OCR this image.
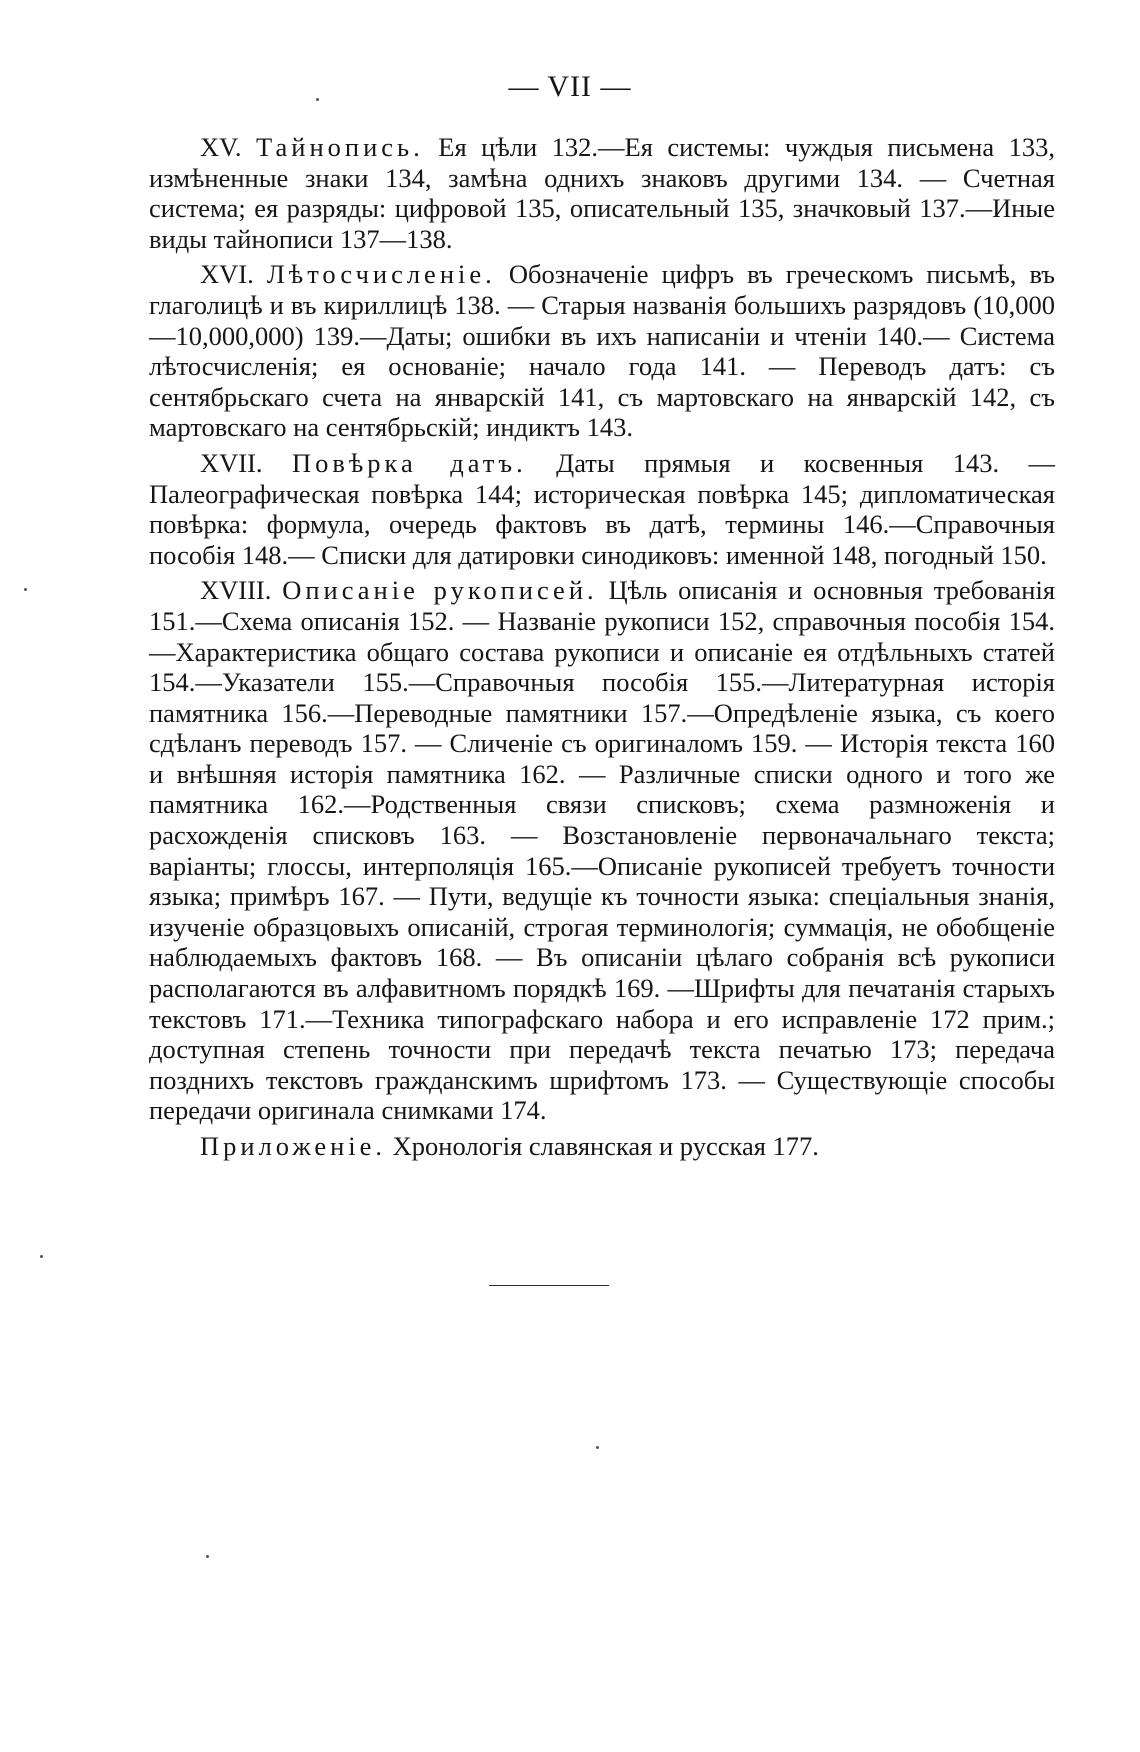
— VII —

XV. Тайнопись. Ея цѣли 132.—Ея системы: чуждыя письмена 133, измѣненные знаки 134, замѣна однихъ знаковъ другими 134. — Счетная система; ея разряды: цифровой 135, описательный 135, значковый 137.—Иные виды тайнописи 137—138.

XVI. Лѣтосчисленіе. Обозначеніе цифръ въ греческомъ письмѣ, въ глаголицѣ и въ кириллицѣ 138. — Старыя названія большихъ разрядовъ (10,000—10,000,000) 139.—Даты; ошибки въ ихъ написаніи и чтеніи 140.— Система лѣтосчисленія; ея основаніе; начало года 141. — Переводъ датъ: съ сентябрьскаго счета на январскій 141, съ мартовскаго на январскій 142, съ мартовскаго на сентябрьскій; индиктъ 143.

XVII. Повѣрка датъ. Даты прямыя и косвенныя 143. — Палеографическая повѣрка 144; историческая повѣрка 145; дипломатическая повѣрка: формула, очередь фактовъ въ датѣ, термины 146.—Справочныя пособія 148.— Списки для датировки синодиковъ: именной 148, погодный 150.

XVIII. Описаніе рукописей. Цѣль описанія и основныя требованія 151.—Схема описанія 152. — Названіе рукописи 152, справочныя пособія 154.—Характеристика общаго состава рукописи и описаніе ея отдѣльныхъ статей 154.—Указатели 155.—Справочныя пособія 155.—Литературная исторія памятника 156.—Переводные памятники 157.—Опредѣленіе языка, съ коего сдѣланъ переводъ 157. — Сличеніе съ оригиналомъ 159. — Исторія текста 160 и внѣшняя исторія памятника 162. — Различные списки одного и того же памятника 162.—Родственныя связи списковъ; схема размноженія и расхожденія списковъ 163. — Возстановленіе первоначальнаго текста; варіанты; глоссы, интерполяція 165.—Описаніе рукописей требуетъ точности языка; примѣръ 167. — Пути, ведущіе къ точности языка: спеціальныя знанія, изученіе образцовыхъ описаній, строгая терминологія; суммація, не обобщеніе наблюдаемыхъ фактовъ 168. — Въ описаніи цѣлаго собранія всѣ рукописи располагаются въ алфавитномъ порядкѣ 169. —Шрифты для печатанія старыхъ текстовъ 171.—Техника типографскаго набора и его исправленіе 172 прим.; доступная степень точности при передачѣ текста печатью 173; передача позднихъ текстовъ гражданскимъ шрифтомъ 173. — Существующіе способы передачи оригинала снимками 174.

Приложеніе. Хронологія славянская и русская 177.
